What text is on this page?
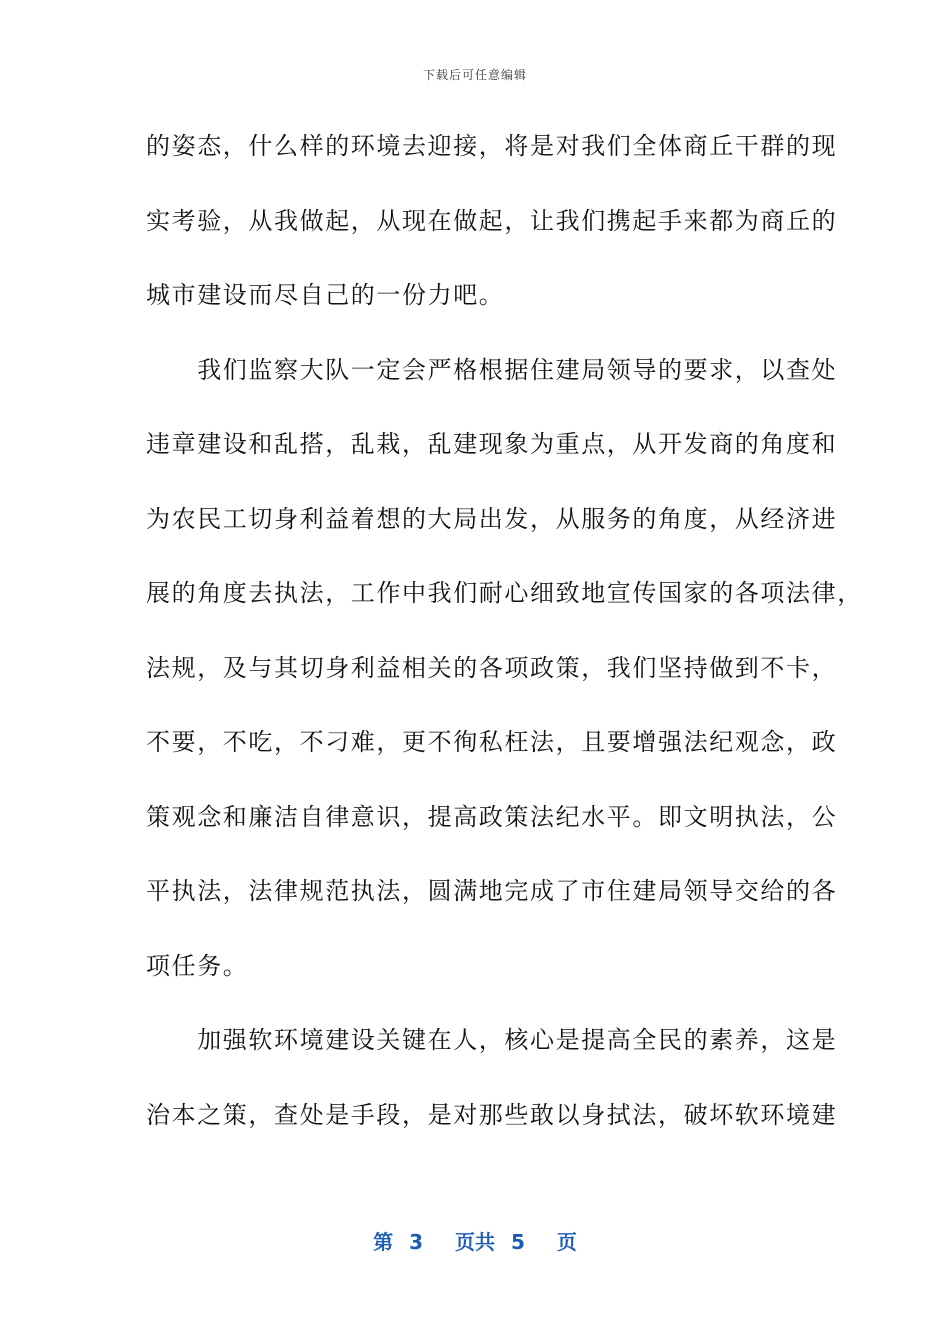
下载后可任意编辑
的姿态，什么样的环境去迎接，将是对我们全体商丘干群的现
实考验，从我做起，从现在做起，让我们携起手来都为商丘的
城市建设而尽自己的一份力吧。
　　我们监察大队一定会严格根据住建局领导的要求，以查处
违章建设和乱搭，乱栽，乱建现象为重点，从开发商的角度和
为农民工切身利益着想的大局出发，从服务的角度，从经济进
展的角度去执法，工作中我们耐心细致地宣传国家的各项法律，
法规，及与其切身利益相关的各项政策，我们坚持做到不卡，
不要，不吃，不刁难，更不徇私枉法，且要增强法纪观念，政
策观念和廉洁自律意识，提高政策法纪水平。即文明执法，公
平执法，法律规范执法，圆满地完成了市住建局领导交给的各
项任务。
　　加强软环境建设关键在人，核心是提高全民的素养，这是
治本之策，查处是手段，是对那些敢以身拭法，破坏软环境建
第 3 页共 5 页
